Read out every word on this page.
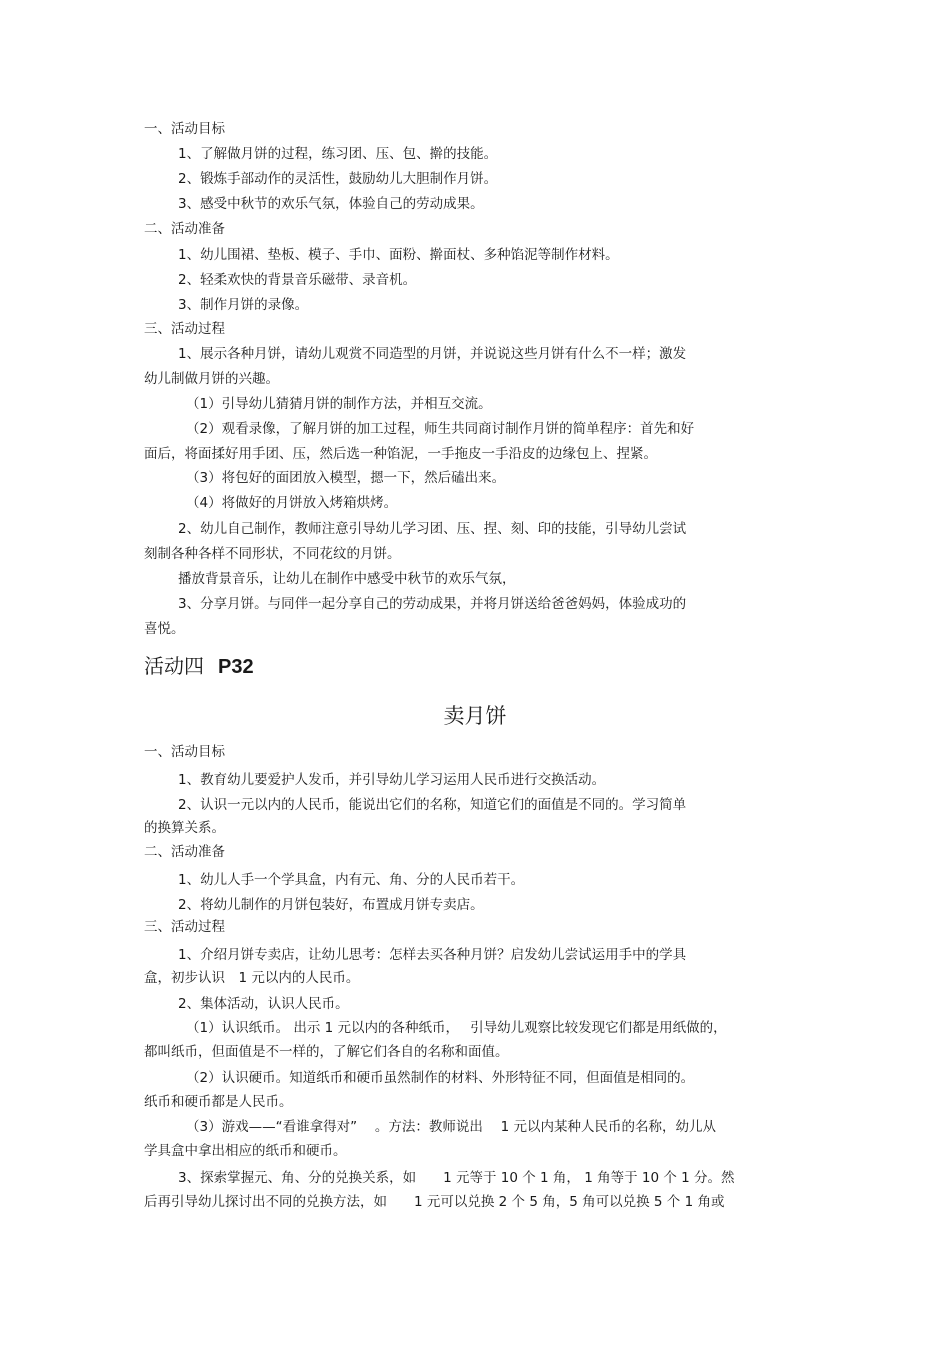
一、活动目标
1、了解做月饼的过程，练习团、压、包、擀的技能。
2、锻炼手部动作的灵活性，鼓励幼儿大胆制作月饼。
3、感受中秋节的欢乐气氛，体验自己的劳动成果。
二、活动准备
1、幼儿围裙、垫板、模子、手巾、面粉、擀面杖、多种馅泥等制作材料。
2、轻柔欢快的背景音乐磁带、录音机。
3、制作月饼的录像。
三、活动过程
1、展示各种月饼，请幼儿观赏不同造型的月饼，并说说这些月饼有什么不一样；激发
幼儿制做月饼的兴趣。
（1）引导幼儿猜猜月饼的制作方法，并相互交流。
（2）观看录像，了解月饼的加工过程，师生共同商讨制作月饼的简单程序：首先和好
面后，将面揉好用手团、压，然后选一种馅泥，一手拖皮一手沿皮的边缘包上、捏紧。
（3）将包好的面团放入模型，摁一下，然后磕出来。
（4）将做好的月饼放入烤箱烘烤。
2、幼儿自己制作，教师注意引导幼儿学习团、压、捏、刻、印的技能，引导幼儿尝试
刻制各种各样不同形状，不同花纹的月饼。
播放背景音乐，让幼儿在制作中感受中秋节的欢乐气氛，
3、分享月饼。与同伴一起分享自己的劳动成果，并将月饼送给爸爸妈妈，体验成功的
喜悦。
活动四 P32
卖月饼
一、活动目标
1、教育幼儿要爱护人发币，并引导幼儿学习运用人民币进行交换活动。
2、认识一元以内的人民币，能说出它们的名称，知道它们的面值是不同的。学习简单
的换算关系。
二、活动准备
1、幼儿人手一个学具盒，内有元、角、分的人民币若干。
2、将幼儿制作的月饼包装好，布置成月饼专卖店。
三、活动过程
1、介绍月饼专卖店，让幼儿思考：怎样去买各种月饼？启发幼儿尝试运用手中的学具
盒，初步认识　1 元以内的人民币。
2、集体活动，认识人民币。
（1）认识纸币。 出示 1 元以内的各种纸币，　 引导幼儿观察比较发现它们都是用纸做的，
都叫纸币，但面值是不一样的，了解它们各自的名称和面值。
（2）认识硬币。知道纸币和硬币虽然制作的材料、外形特征不同，但面值是相同的。
纸币和硬币都是人民币。
（3）游戏——“看谁拿得对”　 。方法：教师说出　 1 元以内某种人民币的名称，幼儿从
学具盒中拿出相应的纸币和硬币。
3、探索掌握元、角、分的兑换关系，如　　1 元等于 10 个 1 角， 1 角等于 10 个 1 分。然
后再引导幼儿探讨出不同的兑换方法，如　　1 元可以兑换 2 个 5 角，5 角可以兑换 5 个 1 角或
